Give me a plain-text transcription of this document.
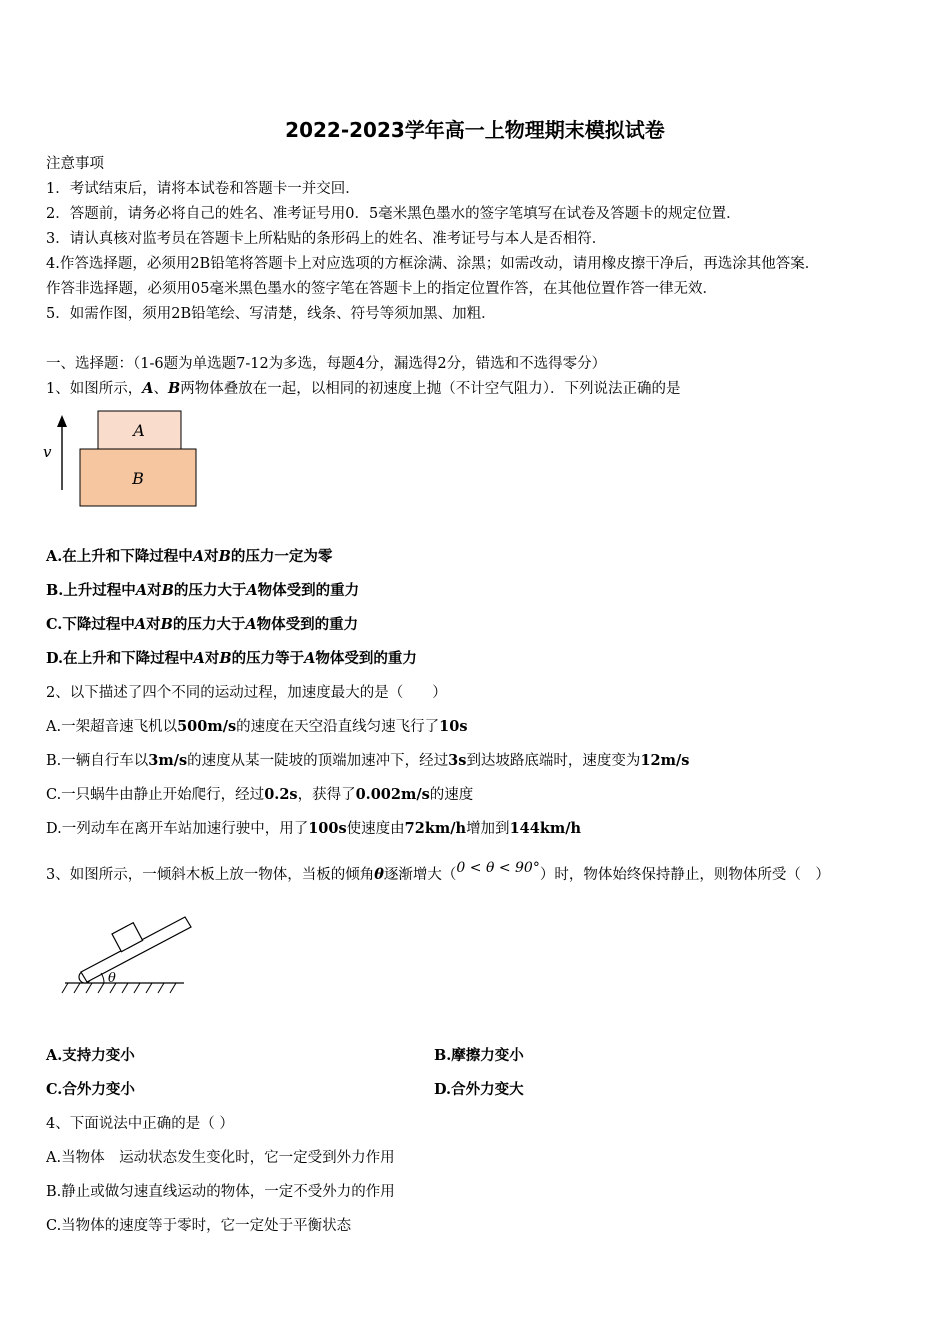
2022-2023学年高一上物理期末模拟试卷
注意事项
1．考试结束后，请将本试卷和答题卡一并交回．
2．答题前，请务必将自己的姓名、准考证号用0．5毫米黑色墨水的签字笔填写在试卷及答题卡的规定位置．
3．请认真核对监考员在答题卡上所粘贴的条形码上的姓名、准考证号与本人是否相符．
4.作答选择题，必须用2B铅笔将答题卡上对应选项的方框涂满、涂黑；如需改动，请用橡皮擦干净后，再选涂其他答案．
作答非选择题，必须用05毫米黑色墨水的签字笔在答题卡上的指定位置作答，在其他位置作答一律无效．
5．如需作图，须用2B铅笔绘、写清楚，线条、符号等须加黑、加粗．
一、选择题：（1-6题为单选题7-12为多选，每题4分，漏选得2分，错选和不选得零分）
1、如图所示，A、B两物体叠放在一起，以相同的初速度上抛（不计空气阻力）．下列说法正确的是
v
A
B
A.在上升和下降过程中A对B的压力一定为零
B.上升过程中A对B的压力大于A物体受到的重力
C.下降过程中A对B的压力大于A物体受到的重力
D.在上升和下降过程中A对B的压力等于A物体受到的重力
2、以下描述了四个不同的运动过程，加速度最大的是（　　）
A.一架超音速飞机以500m/s的速度在天空沿直线匀速飞行了10s
B.一辆自行车以3m/s的速度从某一陡坡的顶端加速冲下，经过3s到达坡路底端时，速度变为12m/s
C.一只蜗牛由静止开始爬行，经过0.2s，获得了0.002m/s的速度
D.一列动车在离开车站加速行驶中，用了100s使速度由72km/h增加到144km/h
3、如图所示，一倾斜木板上放一物体，当板的倾角θ逐渐增大（0 < θ < 90°）时，物体始终保持静止，则物体所受（　）
θ
A.支持力变小	B.摩擦力变小
C.合外力变小	D.合外力变大
4、下面说法中正确的是（ ）
A.当物体　运动状态发生变化时，它一定受到外力作用
B.静止或做匀速直线运动的物体，一定不受外力的作用
C.当物体的速度等于零时，它一定处于平衡状态
